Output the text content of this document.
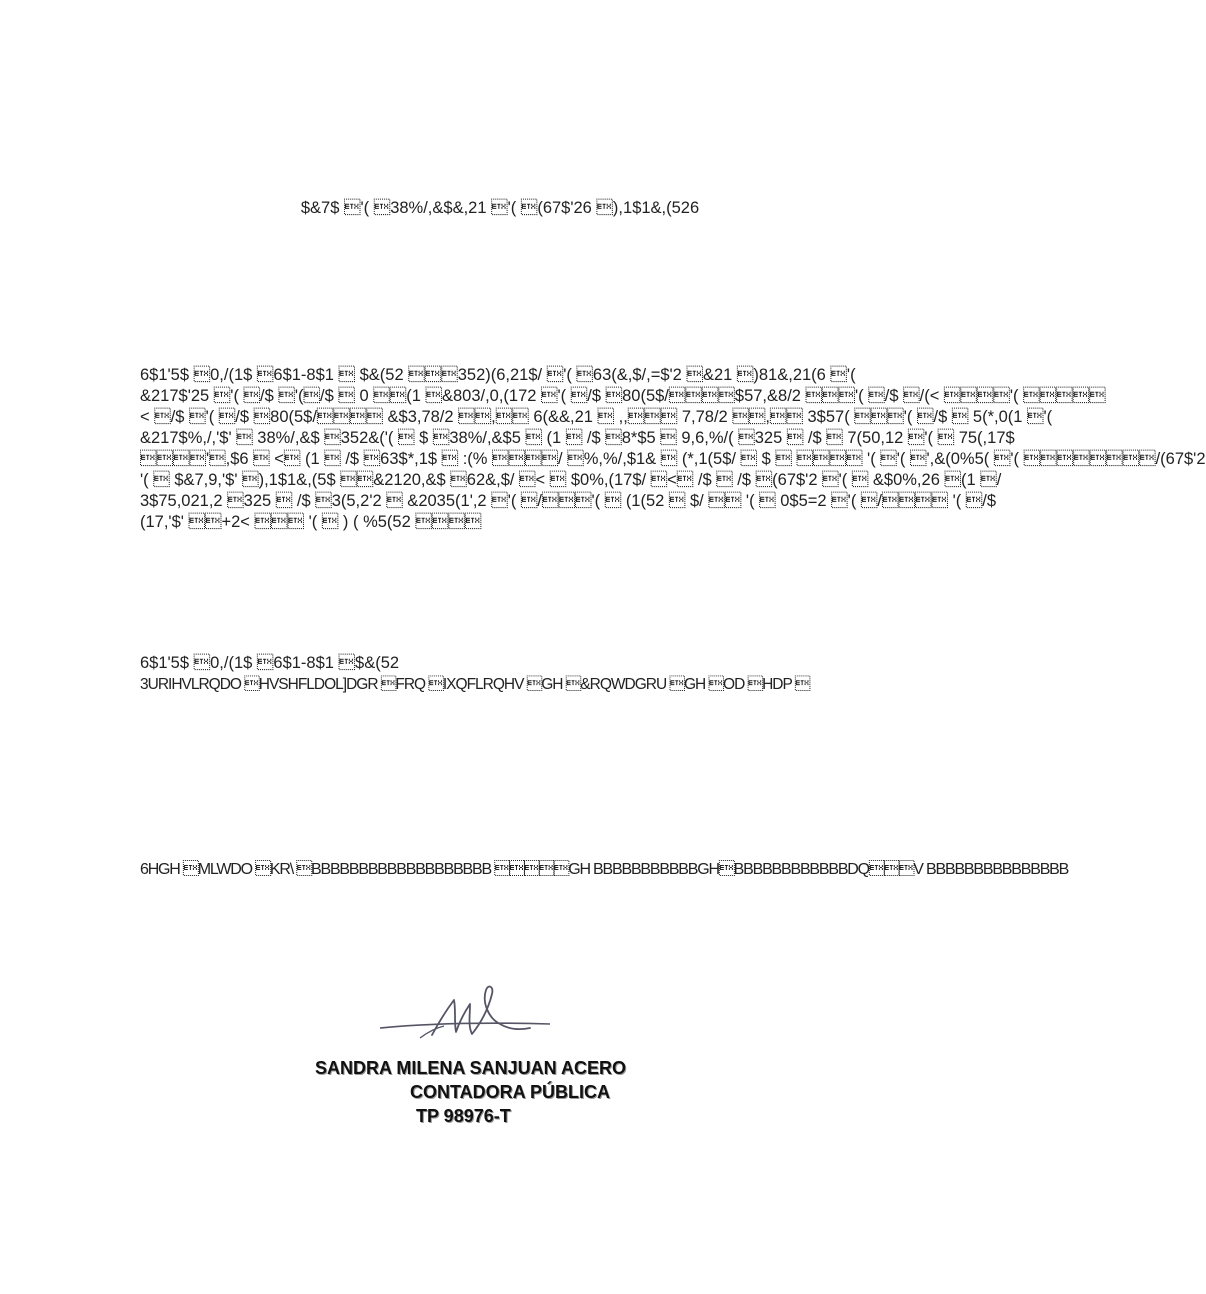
$&7$ '( 38%/,&$&,21 '( (67$'26 ),1$1&,(526
6$1'5$ 0,/(1$ 6$1-8$1  $&(52 352)(6,21$/ '( 63(&,$/,=$'2 &21 )81&,21(6 '(
&217$'25 '( /$ '(/$  0 (1 &803/,0,(172 '( /$ 80(5$/$57,&8/2 '( /$ /(< '( 
< /$ '( /$ 80(5$/ &$3,78/2 , 6(&&,21  ,, 7,78/2 , 3$57( '( /$  5(*,0(1 '(
&217$%,/,'$'  38%/,&$ 352&('(  $ 38%/,&$5  (1  /$ 8*$5  9,6,%/( 325  /$  7(50,12 '(  75(,17$
',$6  < (1  /$ 63$*,1$  :(% / %,%/,$1&  (*,1(5$/  $   '( '( ',&(0%5( '( /(67$'2
'(  $&7,9,'$' ),1$1&,(5$ &2120,&$ 62&,$/ <  $0%,(17$/ < /$  /$ (67$'2 '(  &$0%,26 (1 /
3$75,021,2 325  /$ 3(5,2'2  &2035(1',2 '( /'(  (1(52  $/  '(  0$5=2 '( / '( /$
(17,'$' +2<  '(  ) ( %5(52 
6$1'5$ 0,/(1$ 6$1-8$1 $&(52
3URIHVLRQDO HVSHFLDOL]DGR FRQ IXQFLRQHV GH &RQWDGRU GH OD HDP 
6HGH MLWDO KR\ BBBBBBBBBBBBBBBBBBB GH BBBBBBBBBBBGHBBBBBBBBBBBBDQV BBBBBBBBBBBBBBB
SANDRA MILENA SANJUAN ACERO
CONTADORA PÚBLICA
TP 98976-T
